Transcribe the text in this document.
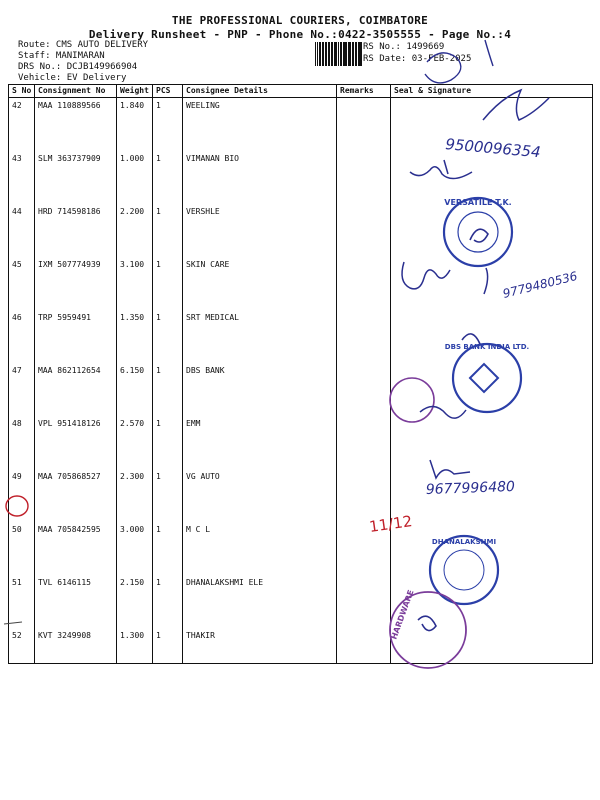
THE PROFESSIONAL COURIERS, COIMBATORE
Delivery Runsheet - PNP - Phone No.:0422-3505555 - Page No.:4
Route: CMS AUTO DELIVERY
Staff: MANIMARAN
DRS No.: DCJB149966904
Vehicle: EV Delivery
RS No.: 1499669
RS Date: 03-FEB-2025
S No	Consignment No	Weight	PCS	Consignee Details	Remarks	Seal & Signature
42	MAA 110889566	1.840	1	WEELING		
43	SLM 363737909	1.000	1	VIMANAN BIO		
44	HRD 714598186	2.200	1	VERSHLE		
45	IXM 507774939	3.100	1	SKIN CARE		
46	TRP 5959491	1.350	1	SRT MEDICAL		
47	MAA 862112654	6.150	1	DBS BANK		
48	VPL 951418126	2.570	1	EMM		
49	MAA 705868527	2.300	1	VG AUTO		
50	MAA 705842595	3.000	1	M C L		
51	TVL 6146115	2.150	1	DHANALAKSHMI ELE		
52	KVT 3249908	1.300	1	THAKIR		
9500096354
VERSATILE T.K.
9779480536
DBS BANK INDIA LTD.
9677996480
11/12
DHANALAKSHMI
HARDWARE
